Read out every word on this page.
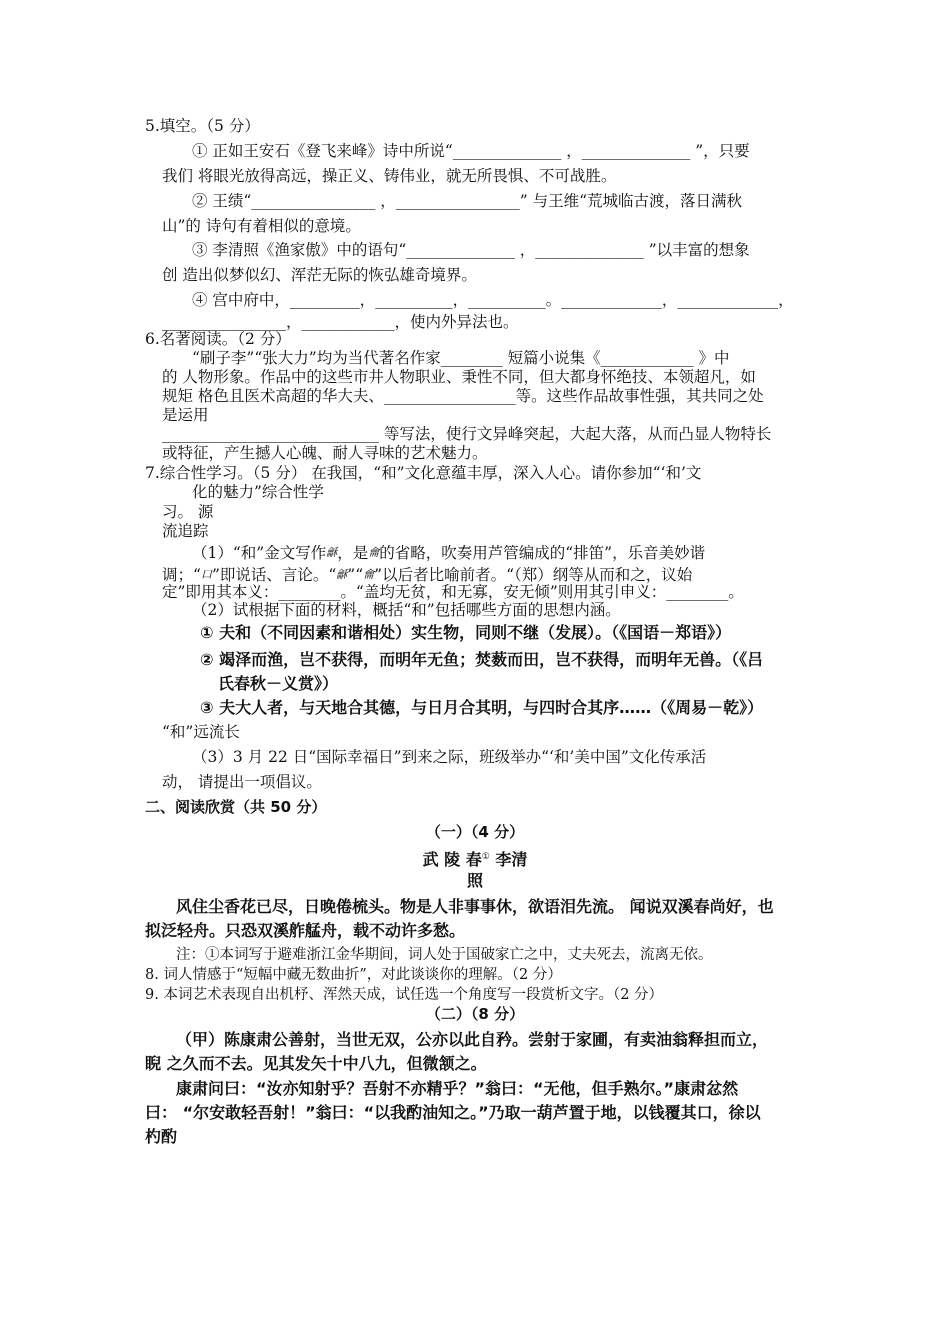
5.填空。（5 分）
① 正如王安石《登飞来峰》诗中所说“______________ ，______________ ”，只要
我们 将眼光放得高远，操正义、铸伟业，就无所畏惧、不可战胜。
② 王绩“________________ ，________________” 与王维“荒城临古渡，落日满秋
山”的 诗句有着相似的意境。
③ 李清照《渔家傲》中的语句“______________ ，______________ ”以丰富的想象
创 造出似梦似幻、浑茫无际的恢弘雄奇境界。
④ 宫中府中，_________，__________，__________。_____________，_____________，
________________，____________，使内外异法也。
6.名著阅读。（2 分）
“刷子李”“张大力”均为当代著名作家________ 短篇小说集《____________ 》中
的 人物形象。作品中的这些市井人物职业、秉性不同，但大都身怀绝技、本领超凡，如
规矩 格色且医术高超的华大夫、_________________等。这些作品故事性强，其共同之处
是运用
____________________________ 等写法，使行文异峰突起，大起大落，从而凸显人物特长
或特征，产生撼人心魄、耐人寻味的艺术魅力。
7.综合性学习。（5 分） 在我国，“和”文化意蕴丰厚，深入人心。请你参加“‘和’文
化的魅力”综合性学
习。 源
流追踪
（1）“和”金文写作龢，是龠的省略，吹奏用芦管编成的“排笛”，乐音美妙谐
调；“口”即说话、言论。“龢”“龠”以后者比喻前者。“（郑）纲等从而和之，议始
定”即用其本义：________。“盖均无贫，和无寡，安无倾”则用其引申义：________。
（2）试根据下面的材料，概括“和”包括哪些方面的思想内涵。
① 夫和（不同因素和谐相处）实生物，同则不继（发展）。（《国语－郑语》）
② 竭泽而渔，岂不获得，而明年无鱼；焚薮而田，岂不获得，而明年无兽。（《吕
氏春秋－义赏》）
③ 夫大人者，与天地合其德，与日月合其明，与四时合其序……（《周易－乾》）
“和”远流长
（3）3 月 22 日“国际幸福日”到来之际，班级举办“‘和’美中国”文化传承活
动， 请提出一项倡议。
二、阅读欣赏（共 50 分）
（一）（4 分）
武 陵 春① 李清
照
风住尘香花已尽，日晚倦梳头。物是人非事事休，欲语泪先流。 闻说双溪春尚好，也
拟泛轻舟。只恐双溪舴艋舟，载不动许多愁。
注：①本词写于避难浙江金华期间，词人处于国破家亡之中，丈夫死去，流离无依。
8. 词人情感于“短幅中藏无数曲折”，对此谈谈你的理解。（2 分）
9. 本词艺术表现自出机杼、浑然天成，试任选一个角度写一段赏析文字。（2 分）
（二）（8 分）
（甲）陈康肃公善射，当世无双，公亦以此自矜。尝射于家圃，有卖油翁释担而立，
睨 之久而不去。见其发矢十中八九，但微颔之。
康肃问曰：“汝亦知射乎？吾射不亦精乎？”翁曰：“无他，但手熟尔。”康肃忿然
曰： “尔安敢轻吾射！”翁曰：“以我酌油知之。”乃取一葫芦置于地，以钱覆其口，徐以
杓酌
